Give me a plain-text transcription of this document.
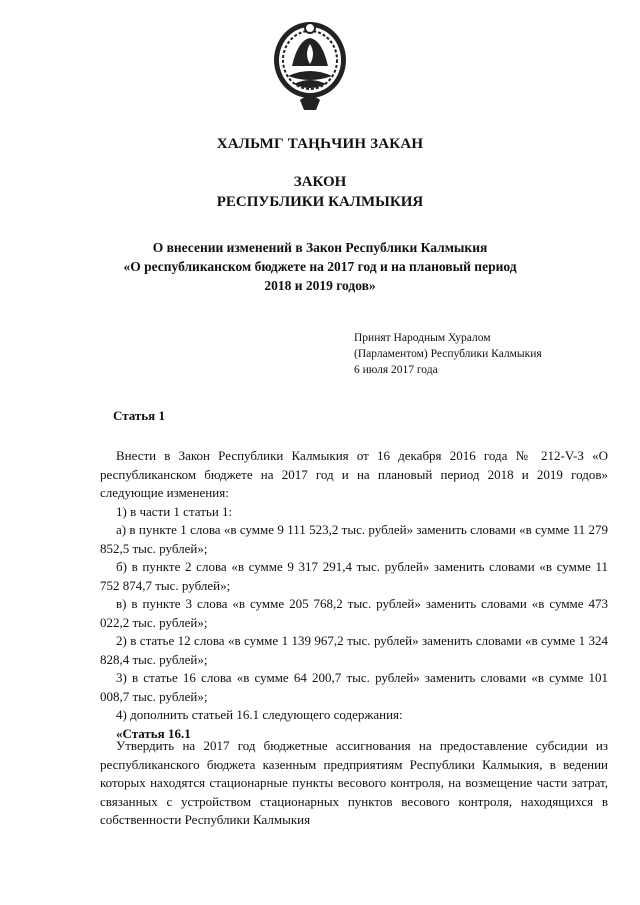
ХАЛЬМГ ТАҢҺЧИН ЗАКАН
ЗАКОН
РЕСПУБЛИКИ КАЛМЫКИЯ
О внесении изменений в Закон Республики Калмыкия
«О республиканском бюджете на 2017 год и на плановый период
2018 и 2019 годов»
Принят Народным Хуралом
(Парламентом) Республики Калмыкия
6 июля 2017 года
Статья 1

Внести в Закон Республики Калмыкия от 16 декабря 2016 года № 212-V-З «О республиканском бюджете на 2017 год и на плановый период 2018 и 2019 годов» следующие изменения:

1) в части 1 статьи 1:

а) в пункте 1 слова «в сумме 9 111 523,2 тыс. рублей» заменить словами «в сумме 11 279 852,5 тыс. рублей»;

б) в пункте 2 слова «в сумме 9 317 291,4 тыс. рублей» заменить словами «в сумме 11 752 874,7 тыс. рублей»;

в) в пункте 3 слова «в сумме 205 768,2 тыс. рублей» заменить словами «в сумме 473 022,2 тыс. рублей»;

2) в статье 12 слова «в сумме 1 139 967,2 тыс. рублей» заменить словами «в сумме 1 324 828,4 тыс. рублей»;

3) в статье 16 слова «в сумме 64 200,7 тыс. рублей» заменить словами «в сумме 101 008,7 тыс. рублей»;

4) дополнить статьей 16.1 следующего содержания:

«Статья 16.1

Утвердить на 2017 год бюджетные ассигнования на предоставление субсидии из республиканского бюджета казенным предприятиям Республики Калмыкия, в ведении которых находятся стационарные пункты весового контроля, на возмещение части затрат, связанных с устройством стационарных пунктов весового контроля, находящихся в собственности Республики Калмыкия
